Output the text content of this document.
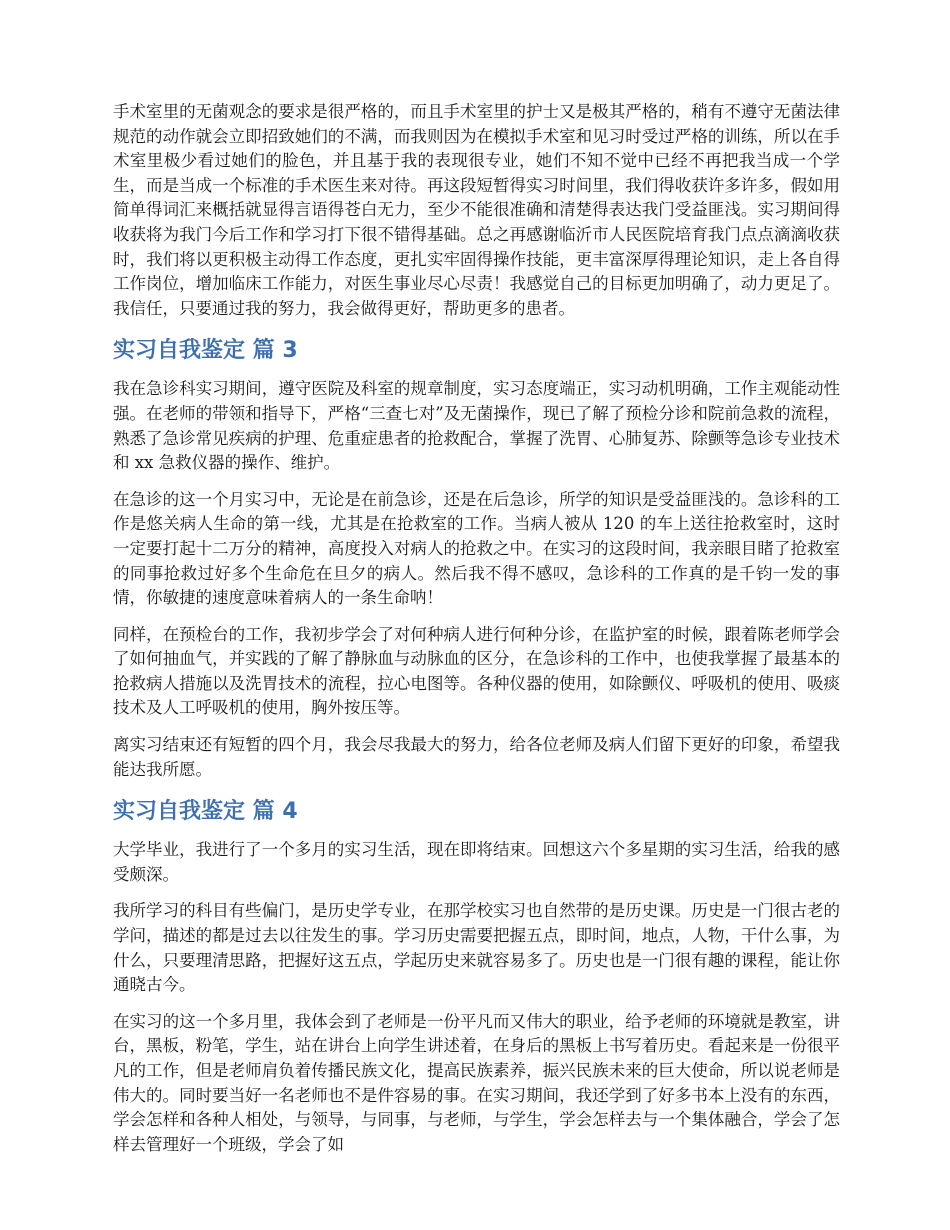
手术室里的无菌观念的要求是很严格的，而且手术室里的护士又是极其严格的，稍有不遵守无菌法律规范的动作就会立即招致她们的不满，而我则因为在模拟手术室和见习时受过严格的训练，所以在手术室里极少看过她们的脸色，并且基于我的表现很专业，她们不知不觉中已经不再把我当成一个学生，而是当成一个标准的手术医生来对待。再这段短暂得实习时间里，我们得收获许多许多，假如用简单得词汇来概括就显得言语得苍白无力，至少不能很准确和清楚得表达我门受益匪浅。实习期间得收获将为我门今后工作和学习打下很不错得基础。总之再感谢临沂市人民医院培育我门点点滴滴收获时，我们将以更积极主动得工作态度，更扎实牢固得操作技能，更丰富深厚得理论知识，走上各自得工作岗位，增加临床工作能力，对医生事业尽心尽责！我感觉自己的目标更加明确了，动力更足了。我信任，只要通过我的努力，我会做得更好，帮助更多的患者。

实习自我鉴定 篇 3

我在急诊科实习期间，遵守医院及科室的规章制度，实习态度端正，实习动机明确，工作主观能动性强。在老师的带领和指导下，严格“三查七对”及无菌操作，现已了解了预检分诊和院前急救的流程，熟悉了急诊常见疾病的护理、危重症患者的抢救配合，掌握了洗胃、心肺复苏、除颤等急诊专业技术和 xx 急救仪器的操作、维护。

在急诊的这一个月实习中，无论是在前急诊，还是在后急诊，所学的知识是受益匪浅的。急诊科的工作是悠关病人生命的第一线，尤其是在抢救室的工作。当病人被从 120 的车上送往抢救室时，这时一定要打起十二万分的精神，高度投入对病人的抢救之中。在实习的这段时间，我亲眼目睹了抢救室的同事抢救过好多个生命危在旦夕的病人。然后我不得不感叹，急诊科的工作真的是千钧一发的事情，你敏捷的速度意味着病人的一条生命呐！

同样，在预检台的工作，我初步学会了对何种病人进行何种分诊，在监护室的时候，跟着陈老师学会了如何抽血气，并实践的了解了静脉血与动脉血的区分，在急诊科的工作中，也使我掌握了最基本的抢救病人措施以及洗胃技术的流程，拉心电图等。各种仪器的使用，如除颤仪、呼吸机的使用、吸痰技术及人工呼吸机的使用，胸外按压等。

离实习结束还有短暂的四个月，我会尽我最大的努力，给各位老师及病人们留下更好的印象，希望我能达我所愿。

实习自我鉴定 篇 4

大学毕业，我进行了一个多月的实习生活，现在即将结束。回想这六个多星期的实习生活，给我的感受颇深。

我所学习的科目有些偏门，是历史学专业，在那学校实习也自然带的是历史课。历史是一门很古老的学问，描述的都是过去以往发生的事。学习历史需要把握五点，即时间，地点，人物，干什么事，为什么，只要理清思路，把握好这五点，学起历史来就容易多了。历史也是一门很有趣的课程，能让你通晓古今。

在实习的这一个多月里，我体会到了老师是一份平凡而又伟大的职业，给予老师的环境就是教室，讲台，黑板，粉笔，学生，站在讲台上向学生讲述着，在身后的黑板上书写着历史。看起来是一份很平凡的工作，但是老师肩负着传播民族文化，提高民族素养，振兴民族未来的巨大使命，所以说老师是伟大的。同时要当好一名老师也不是件容易的事。在实习期间，我还学到了好多书本上没有的东西，学会怎样和各种人相处，与领导，与同事，与老师，与学生，学会怎样去与一个集体融合，学会了怎样去管理好一个班级，学会了如
